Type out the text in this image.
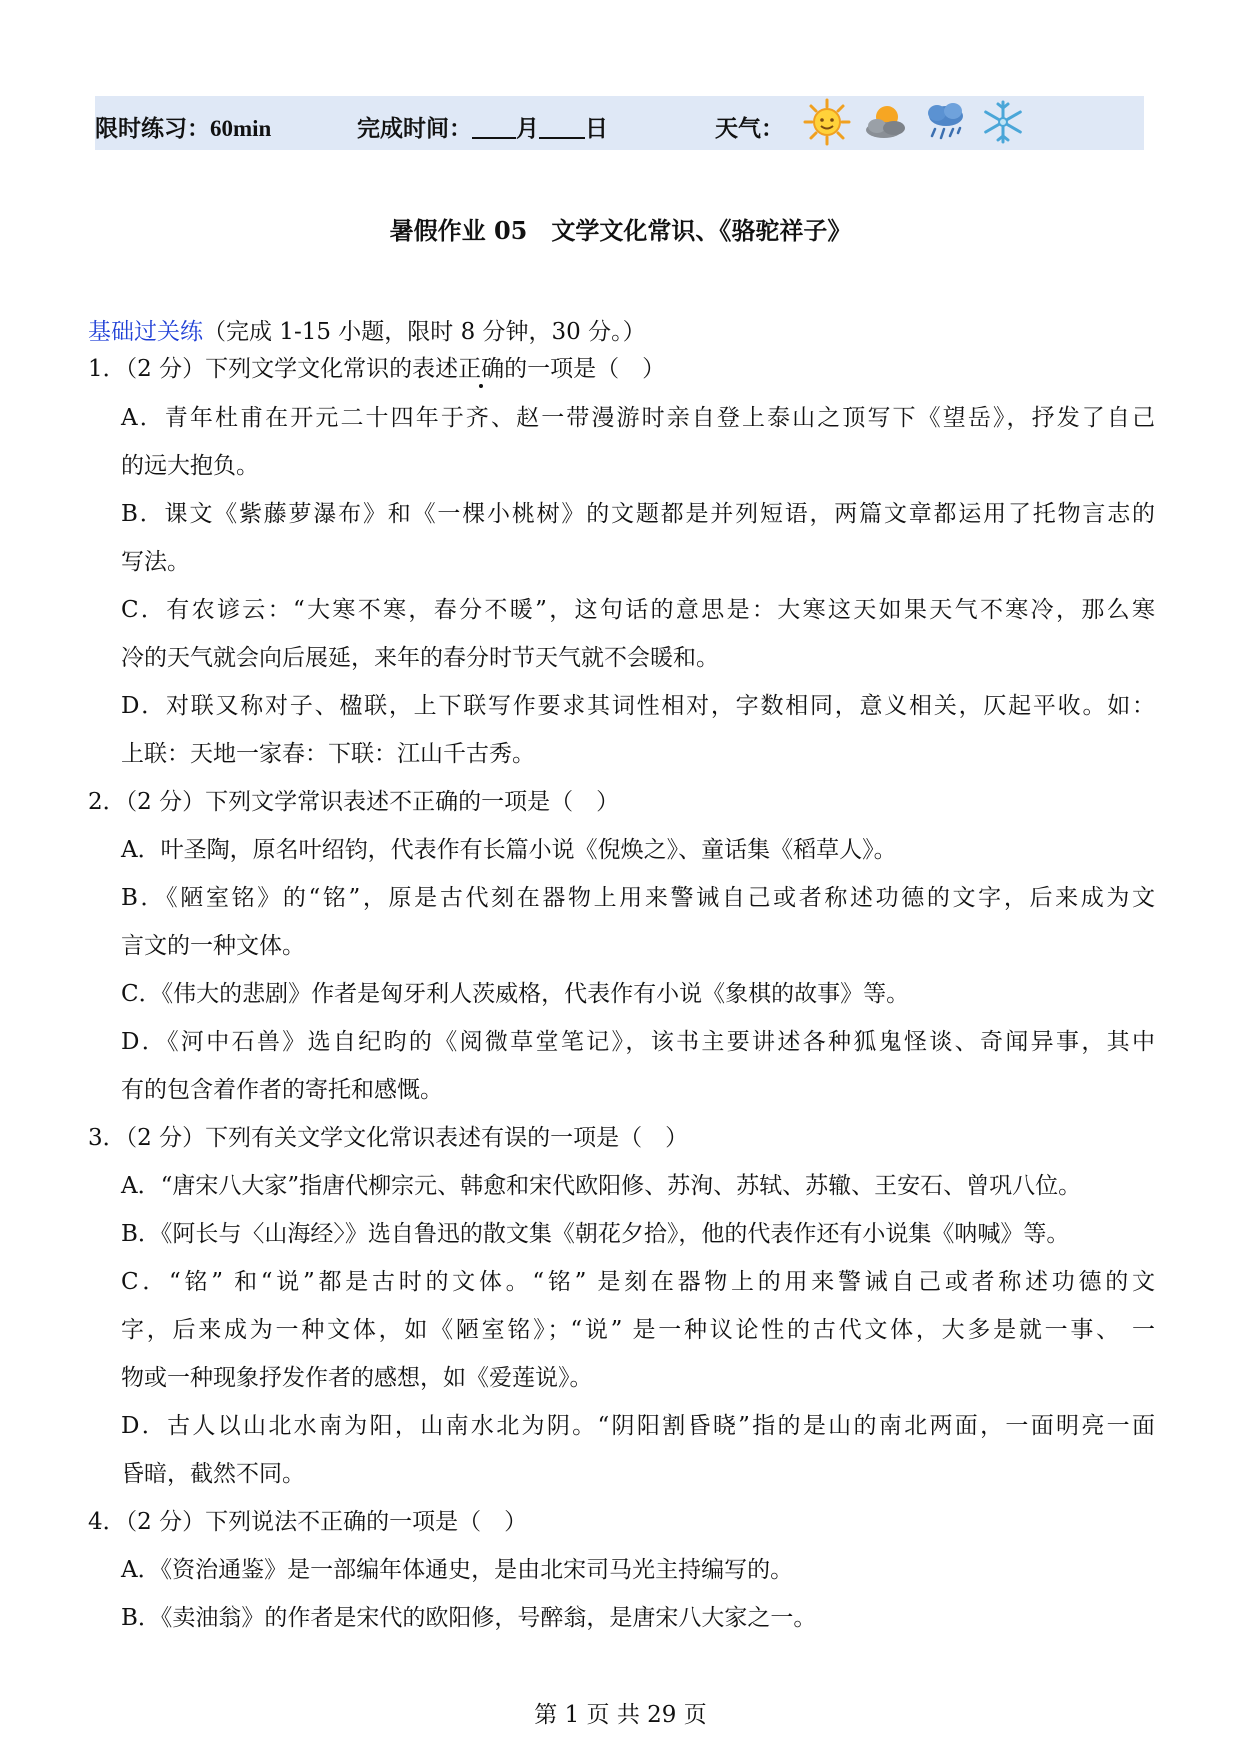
限时练习：60min	完成时间： 月 日	天气：
暑假作业 05　文学文化常识、《骆驼祥子》
基础过关练（完成 1-15 小题，限时 8 分钟，30 分。）
1．（2 分）下列文学文化常识的表述正确的一项是（　）
A．青年杜甫在开元二十四年于齐、赵一带漫游时亲自登上泰山之顶写下《望岳》，抒发了自己
的远大抱负。
B．课文《紫藤萝瀑布》和《一棵小桃树》的文题都是并列短语，两篇文章都运用了托物言志的
写法。
C．有农谚云：“大寒不寒，春分不暖”，这句话的意思是：大寒这天如果天气不寒冷，那么寒
冷的天气就会向后展延，来年的春分时节天气就不会暖和。
D．对联又称对子、楹联，上下联写作要求其词性相对，字数相同，意义相关，仄起平收。如：
上联：天地一家春：下联：江山千古秀。
2．（2 分）下列文学常识表述不正确的一项是（　）
A．叶圣陶，原名叶绍钧，代表作有长篇小说《倪焕之》、童话集《稻草人》。
B．《陋室铭》的“铭”，原是古代刻在器物上用来警诫自己或者称述功德的文字，后来成为文
言文的一种文体。
C．《伟大的悲剧》作者是匈牙利人茨威格，代表作有小说《象棋的故事》等。
D．《河中石兽》选自纪昀的《阅微草堂笔记》，该书主要讲述各种狐鬼怪谈、奇闻异事，其中
有的包含着作者的寄托和感慨。
3．（2 分）下列有关文学文化常识表述有误的一项是（　）
A．“唐宋八大家”指唐代柳宗元、韩愈和宋代欧阳修、苏洵、苏轼、苏辙、王安石、曾巩八位。
B．《阿长与〈山海经〉》选自鲁迅的散文集《朝花夕拾》，他的代表作还有小说集《呐喊》等。
C．“铭” 和“说”都是古时的文体。“铭” 是刻在器物上的用来警诫自己或者称述功德的文
字，后来成为一种文体，如《陋室铭》；“说” 是一种议论性的古代文体，大多是就一事、 一
物或一种现象抒发作者的感想，如《爱莲说》。
D．古人以山北水南为阳，山南水北为阴。“阴阳割昏晓”指的是山的南北两面，一面明亮一面
昏暗，截然不同。
4．（2 分）下列说法不正确的一项是（　）
A．《资治通鉴》是一部编年体通史，是由北宋司马光主持编写的。
B．《卖油翁》的作者是宋代的欧阳修，号醉翁，是唐宋八大家之一。
第 1 页 共 29 页
